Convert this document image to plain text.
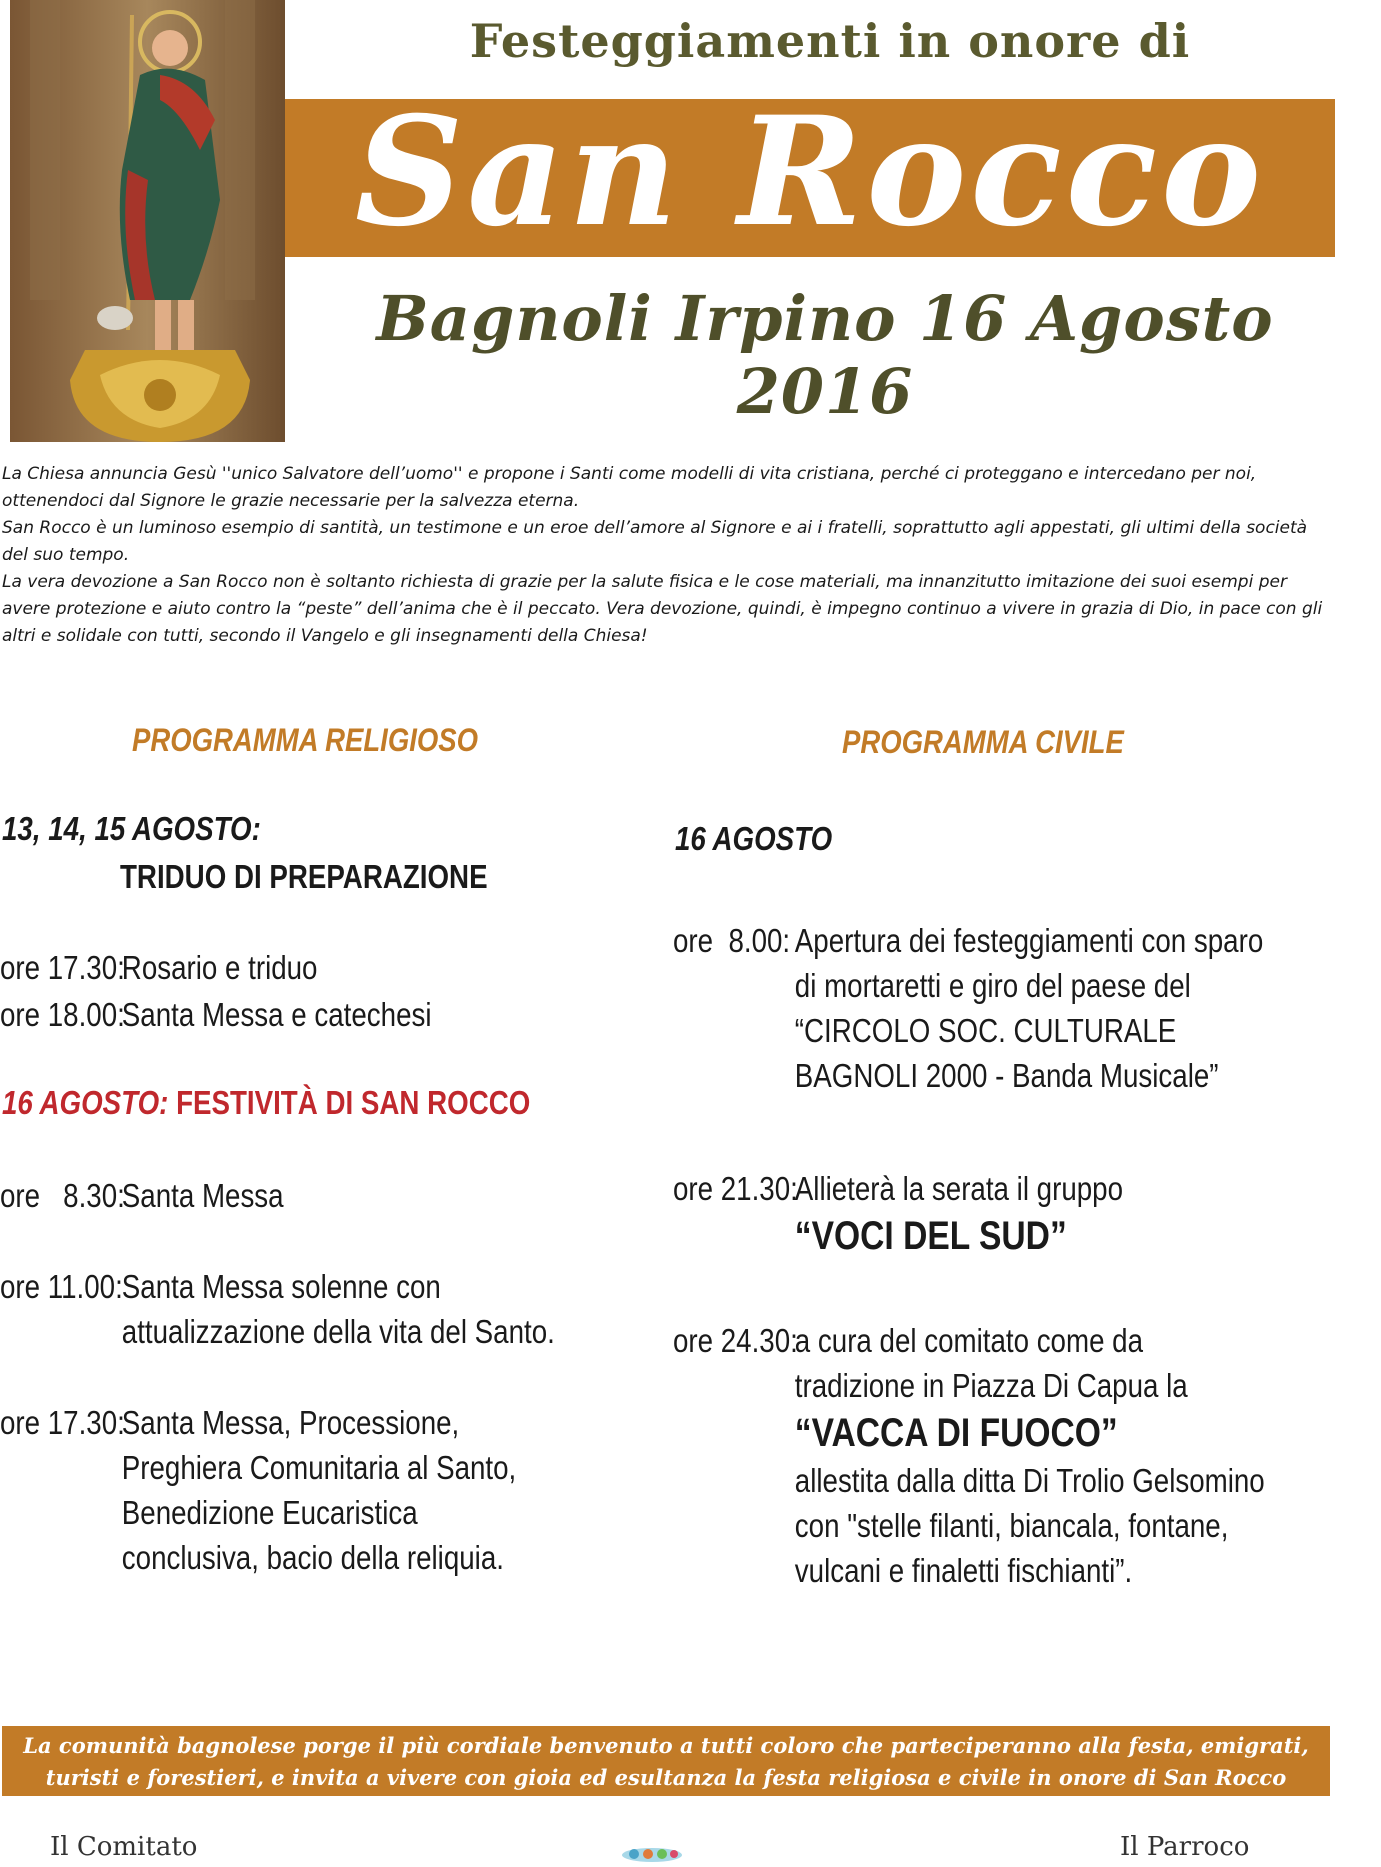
Festeggiamenti in onore di
San Rocco
Bagnoli Irpino 16 Agosto 2016

La Chiesa annuncia Gesù ''unico Salvatore dell’uomo'' e propone i Santi come modelli di vita cristiana, perché ci proteggano e intercedano per noi, ottenendoci dal Signore le grazie necessarie per la salvezza eterna.

San Rocco è un luminoso esempio di santità, un testimone e un eroe dell’amore al Signore e ai i fratelli, soprattutto agli appestati, gli ultimi della società del suo tempo.

La vera devozione a San Rocco non è soltanto richiesta di grazie per la salute fisica e le cose materiali, ma innanzitutto imitazione dei suoi esempi per avere protezione e aiuto contro la “peste” dell’anima che è il peccato. Vera devozione, quindi, è impegno continuo a vivere in grazia di Dio, in pace con gli altri e solidale con tutti, secondo il Vangelo e gli insegnamenti della Chiesa!

PROGRAMMA RELIGIOSO
13, 14, 15 AGOSTO:
TRIDUO DI PREPARAZIONE
ore 17.30:
Rosario e triduo
ore 18.00:
Santa Messa e catechesi
16 AGOSTO: FESTIVITÀ DI SAN ROCCO
ore   8.30:
Santa Messa
ore 11.00: Santa Messa solenne con attualizzazione della vita del Santo.
ore 17.30:
Santa Messa, Processione, Preghiera Comunitaria al Santo, Benedizione Eucaristica conclusiva, bacio della reliquia.
PROGRAMMA CIVILE
16 AGOSTO
ore  8.00: Apertura dei festeggiamenti con sparo di mortaretti e giro del paese del “CIRCOLO SOC. CULTURALE BAGNOLI 2000 - Banda Musicale”
ore 21.30:
Allieterà la serata il gruppo
“VOCI DEL SUD”
ore 24.30:
a cura del comitato come da tradizione in Piazza Di Capua la
“VACCA DI FUOCO”
allestita dalla ditta Di Trolio Gelsomino con "stelle filanti, biancala, fontane, vulcani e finaletti fischianti”.
La comunità bagnolese porge il più cordiale benvenuto a tutti coloro che parteciperanno alla festa, emigrati, turisti e forestieri, e invita a vivere con gioia ed esultanza la festa religiosa e civile in onore di San Rocco
Il Comitato	Il Parroco
